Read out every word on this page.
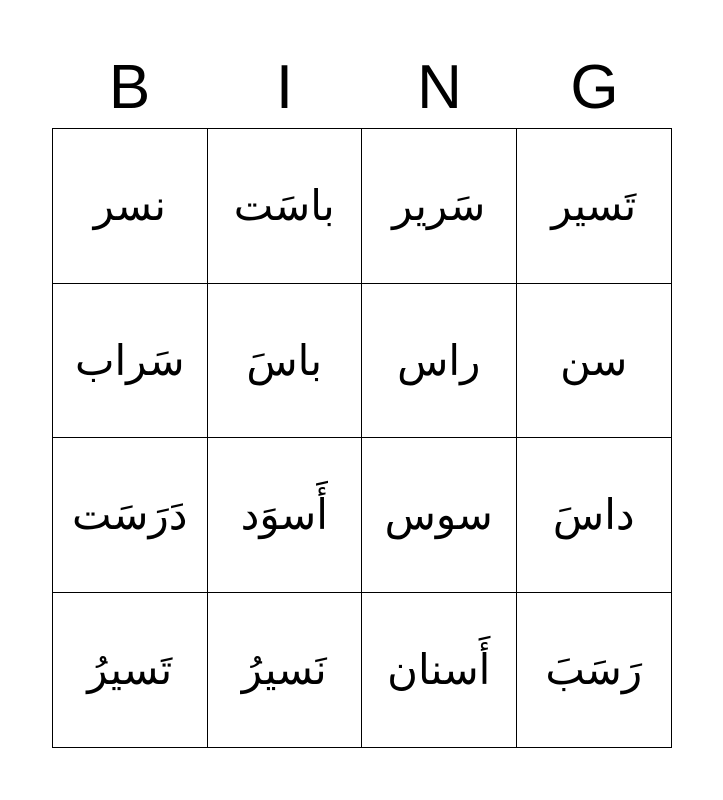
B	I	N	G
نسر باسَت سَرير تَسير
سَراب باسَ راس سن
دَرَسَت أَسوَد سوس داسَ
تَسيرُ نَسيرُ أَسنان رَسَبَ
